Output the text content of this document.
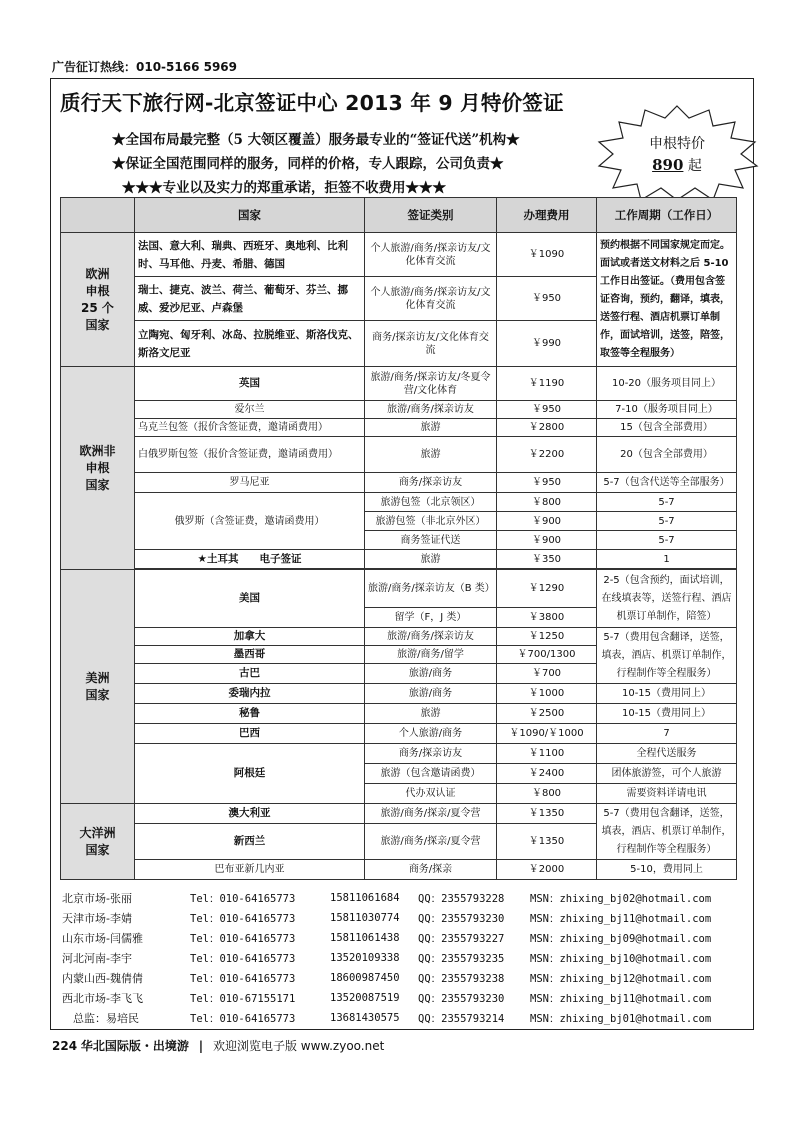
广告征订热线：010-5166 5969
质行天下旅行网-北京签证中心 2013 年 9 月特价签证
★全国布局最完整（5 大领区覆盖）服务最专业的“签证代送”机构★
★保证全国范围同样的服务，同样的价格，专人跟踪，公司负责★
★★★专业以及实力的郑重承诺，拒签不收费用★★★
申根特价
890 起
	国家	签证类别	办理费用	工作周期（工作日）
欧洲
申根
25 个
国家	法国、意大利、瑞典、西班牙、奥地利、比利时、马耳他、丹麦、希腊、德国	个人旅游/商务/探亲访友/文化体育交流	￥1090	预约根据不同国家规定而定。面试或者送文材料之后 5-10 工作日出签证。（费用包含签证咨询，预约，翻译，填表，送签行程、酒店机票订单制作，面试培训，送签，陪签，取签等全程服务）
	瑞士、捷克、波兰、荷兰、葡萄牙、芬兰、挪威、爱沙尼亚、卢森堡	个人旅游/商务/探亲访友/文化体育交流	￥950	
	立陶宛、匈牙利、冰岛、拉脱维亚、斯洛伐克、斯洛文尼亚	商务/探亲访友/文化体育交流	￥990	
欧洲非
申根
国家	英国	旅游/商务/探亲访友/冬夏令营/文化体育	￥1190	10-20（服务项目同上）
	爱尔兰	旅游/商务/探亲访友	￥950	7-10（服务项目同上）
	乌克兰包签（报价含签证费，邀请函费用）	旅游	￥2800	15（包含全部费用）
	白俄罗斯包签（报价含签证费，邀请函费用）	旅游	￥2200	20（包含全部费用）
	罗马尼亚	商务/探亲访友	￥950	5-7（包含代送等全部服务）
	俄罗斯（含签证费，邀请函费用）	旅游包签（北京领区）	￥800	5-7
		旅游包签（非北京外区）	￥900	5-7
		商务签证代送	￥900	5-7
	★土耳其　　电子签证	旅游	￥350	1

美洲
国家	美国	旅游/商务/探亲访友（B 类）	￥1290	2-5（包含预约，面试培训，在线填表等，送签行程、酒店机票订单制作，陪签）
		留学（F，J 类）	￥3800	
	加拿大	旅游/商务/探亲访友	￥1250	5-7（费用包含翻译，送签，填表，酒店、机票订单制作，行程制作等全程服务）
	墨西哥	旅游/商务/留学	￥700/1300	
	古巴	旅游/商务	￥700	
	委瑞内拉	旅游/商务	￥1000	10-15（费用同上）
	秘鲁	旅游	￥2500	10-15（费用同上）
	巴西	个人旅游/商务	￥1090/￥1000	7
	阿根廷	商务/探亲访友	￥1100	全程代送服务
		旅游（包含邀请函费）	￥2400	团体旅游签，可个人旅游
		代办双认证	￥800	需要资料详请电讯
大洋洲
国家	澳大利亚	旅游/商务/探亲/夏令营	￥1350	5-7（费用包含翻译，送签，填表，酒店、机票订单制作，行程制作等全程服务）
	新西兰	旅游/商务/探亲/夏令营	￥1350	
	巴布亚新几内亚	商务/探亲	￥2000	5-10，费用同上
北京市场-张丽	Tel：010-64165773	15811061684	QQ：2355793228	MSN：zhixing_bj02@hotmail.com
天津市场-李婧	Tel：010-64165773	15811030774	QQ：2355793230	MSN：zhixing_bj11@hotmail.com
山东市场-闫儒雅	Tel：010-64165773	15811061438	QQ：2355793227	MSN：zhixing_bj09@hotmail.com
河北河南-李宇	Tel：010-64165773	13520109338	QQ：2355793235	MSN：zhixing_bj10@hotmail.com
内蒙山西-魏倩倩	Tel：010-64165773	18600987450	QQ：2355793238	MSN：zhixing_bj12@hotmail.com
西北市场-李飞飞	Tel：010-67155171	13520087519	QQ：2355793230	MSN：zhixing_bj11@hotmail.com
　总监：易培民	Tel：010-64165773	13681430575	QQ：2355793214	MSN：zhixing_bj01@hotmail.com
224 华北国际版・出境游 | 欢迎浏览电子版 www.zyoo.net
